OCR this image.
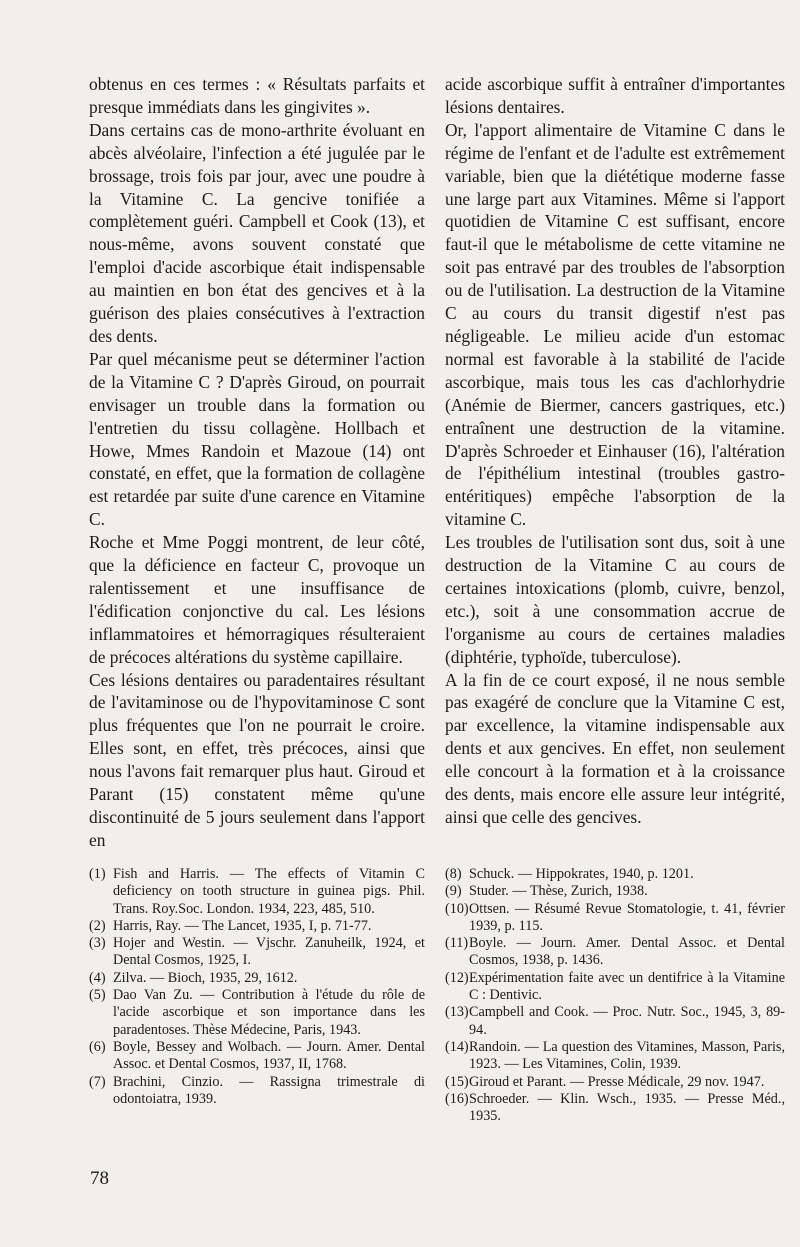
obtenus en ces termes : « Résultats parfaits et presque immédiats dans les gingivites ».

Dans certains cas de mono-arthrite évoluant en abcès alvéolaire, l'infection a été jugulée par le brossage, trois fois par jour, avec une poudre à la Vitamine C. La gencive tonifiée a complètement guéri. Campbell et Cook (13), et nous-même, avons souvent constaté que l'emploi d'acide ascorbique était indispensable au maintien en bon état des gencives et à la guérison des plaies consécutives à l'extraction des dents.

Par quel mécanisme peut se déterminer l'action de la Vitamine C ? D'après Giroud, on pourrait envisager un trouble dans la formation ou l'entretien du tissu collagène. Hollbach et Howe, Mmes Randoin et Mazoue (14) ont constaté, en effet, que la formation de collagène est retardée par suite d'une carence en Vitamine C.

Roche et Mme Poggi montrent, de leur côté, que la déficience en facteur C, provoque un ralentissement et une insuffisance de l'édification conjonctive du cal. Les lésions inflammatoires et hémorragiques résulteraient de précoces altérations du système capillaire.

Ces lésions dentaires ou paradentaires résultant de l'avitaminose ou de l'hypovitaminose C sont plus fréquentes que l'on ne pourrait le croire. Elles sont, en effet, très précoces, ainsi que nous l'avons fait remarquer plus haut. Giroud et Parant (15) constatent même qu'une discontinuité de 5 jours seulement dans l'apport en

acide ascorbique suffit à entraîner d'importantes lésions dentaires.

Or, l'apport alimentaire de Vitamine C dans le régime de l'enfant et de l'adulte est extrêmement variable, bien que la diététique moderne fasse une large part aux Vitamines. Même si l'apport quotidien de Vitamine C est suffisant, encore faut-il que le métabolisme de cette vitamine ne soit pas entravé par des troubles de l'absorption ou de l'utilisation. La destruction de la Vitamine C au cours du transit digestif n'est pas négligeable. Le milieu acide d'un estomac normal est favorable à la stabilité de l'acide ascorbique, mais tous les cas d'achlorhydrie (Anémie de Biermer, cancers gastriques, etc.) entraînent une destruction de la vitamine. D'après Schroeder et Einhauser (16), l'altération de l'épithélium intestinal (troubles gastro-entéritiques) empêche l'absorption de la vitamine C.

Les troubles de l'utilisation sont dus, soit à une destruction de la Vitamine C au cours de certaines intoxications (plomb, cuivre, benzol, etc.), soit à une consommation accrue de l'organisme au cours de certaines maladies (diphtérie, typhoïde, tuberculose).

A la fin de ce court exposé, il ne nous semble pas exagéré de conclure que la Vitamine C est, par excellence, la vitamine indispensable aux dents et aux gencives. En effet, non seulement elle concourt à la formation et à la croissance des dents, mais encore elle assure leur intégrité, ainsi que celle des gencives.

(1) Fish and Harris. — The effects of Vitamin C deficiency on tooth structure in guinea pigs. Phil. Trans. Roy.Soc. London. 1934, 223, 485, 510.
(2) Harris, Ray. — The Lancet, 1935, I, p. 71-77.
(3) Hojer and Westin. — Vjschr. Zanuheilk, 1924, et Dental Cosmos, 1925, I.
(4) Zilva. — Bioch, 1935, 29, 1612.
(5) Dao Van Zu. — Contribution à l'étude du rôle de l'acide ascorbique et son importance dans les paradentoses. Thèse Médecine, Paris, 1943.
(6) Boyle, Bessey and Wolbach. — Journ. Amer. Dental Assoc. et Dental Cosmos, 1937, II, 1768.
(7) Brachini, Cinzio. — Rassigna trimestrale di odontoiatra, 1939.
(8) Schuck. — Hippokrates, 1940, p. 1201.
(9) Studer. — Thèse, Zurich, 1938.
(10) Ottsen. — Résumé Revue Stomatologie, t. 41, février 1939, p. 115.
(11) Boyle. — Journ. Amer. Dental Assoc. et Dental Cosmos, 1938, p. 1436.
(12) Expérimentation faite avec un dentifrice à la Vitamine C : Dentivic.
(13) Campbell and Cook. — Proc. Nutr. Soc., 1945, 3, 89-94.
(14) Randoin. — La question des Vitamines, Masson, Paris, 1923. — Les Vitamines, Colin, 1939.
(15) Giroud et Parant. — Presse Médicale, 29 nov. 1947.
(16) Schroeder. — Klin. Wsch., 1935. — Presse Méd., 1935.
78
